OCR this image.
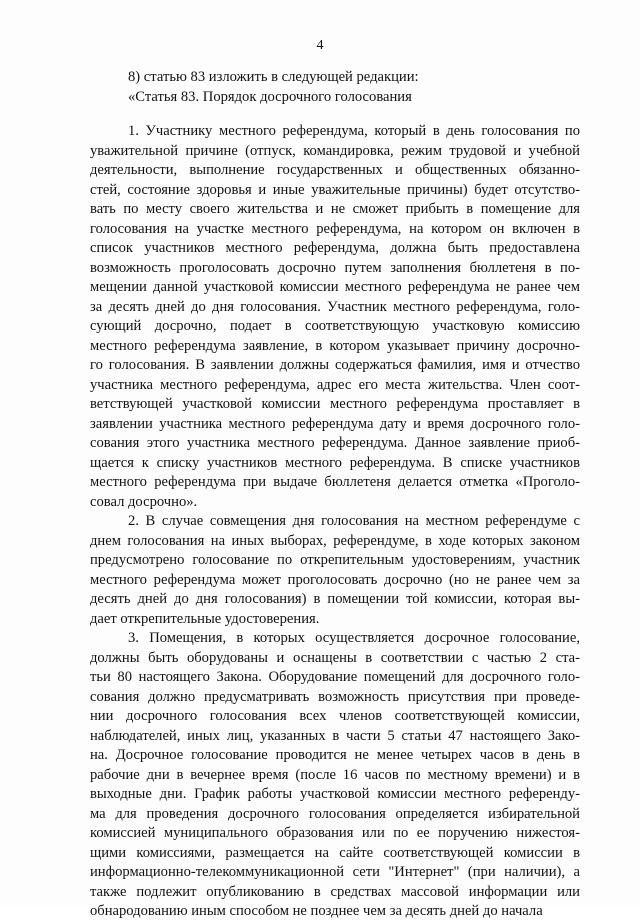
4
8) статью 83 изложить в следующей редакции:
«Статья 83. Порядок досрочного голосования
1. Участнику местного референдума, который в день голосования по
уважительной причине (отпуск, командировка, режим трудовой и учебной
деятельности, выполнение государственных и общественных обязанно-
стей, состояние здоровья и иные уважительные причины) будет отсутство-
вать по месту своего жительства и не сможет прибыть в помещение для
голосования на участке местного референдума, на котором он включен в
список участников местного референдума, должна быть предоставлена
возможность проголосовать досрочно путем заполнения бюллетеня в по-
мещении данной участковой комиссии местного референдума не ранее чем
за десять дней до дня голосования. Участник местного референдума, голо-
сующий досрочно, подает в соответствующую участковую комиссию
местного референдума заявление, в котором указывает причину досрочно-
го голосования. В заявлении должны содержаться фамилия, имя и отчество
участника местного референдума, адрес его места жительства. Член соот-
ветствующей участковой комиссии местного референдума проставляет в
заявлении участника местного референдума дату и время досрочного голо-
сования этого участника местного референдума. Данное заявление приоб-
щается к списку участников местного референдума. В списке участников
местного референдума при выдаче бюллетеня делается отметка «Проголо-
совал досрочно».
2. В случае совмещения дня голосования на местном референдуме с
днем голосования на иных выборах, референдуме, в ходе которых законом
предусмотрено голосование по открепительным удостоверениям, участник
местного референдума может проголосовать досрочно (но не ранее чем за
десять дней до дня голосования) в помещении той комиссии, которая вы-
дает открепительные удостоверения.
3. Помещения, в которых осуществляется досрочное голосование,
должны быть оборудованы и оснащены в соответствии с частью 2 ста-
тьи 80 настоящего Закона. Оборудование помещений для досрочного голо-
сования должно предусматривать возможность присутствия при проведе-
нии досрочного голосования всех членов соответствующей комиссии,
наблюдателей, иных лиц, указанных в части 5 статьи 47 настоящего Зако-
на. Досрочное голосование проводится не менее четырех часов в день в
рабочие дни в вечернее время (после 16 часов по местному времени) и в
выходные дни. График работы участковой комиссии местного референду-
ма для проведения досрочного голосования определяется избирательной
комиссией муниципального образования или по ее поручению нижестоя-
щими комиссиями, размещается на сайте соответствующей комиссии в
информационно-телекоммуникационной сети "Интернет" (при наличии), а
также подлежит опубликованию в средствах массовой информации или
обнародованию иным способом не позднее чем за десять дней до начала
